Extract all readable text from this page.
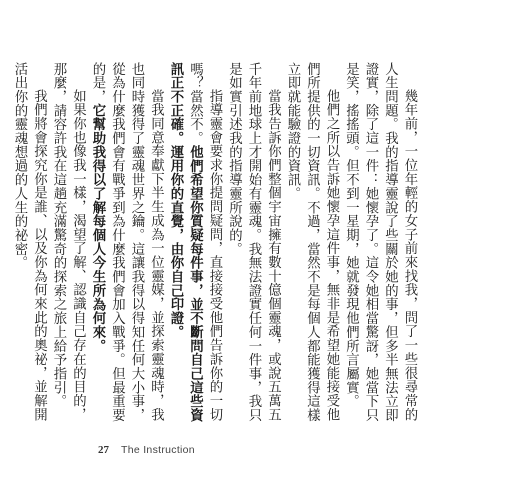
幾年前，一位年輕的女子前來找我，問了一些很尋常的人生問題。我的指導靈說了些關於她的事，但多半無法立即證實，除了這一件：她懷孕了。這令她相當驚訝，她當下只是笑，搖搖頭。但不到一星期，她就發現他們所言屬實。

他們之所以告訴她懷孕這件事，無非是希望她能接受他們所提供的一切資訊。不過，當然不是每個人都能獲得這樣立即就能驗證的資訊。

當我告訴你們整個宇宙擁有數十億個靈魂，或說五萬五千年前地球上才開始有靈魂。我無法證實任何一件事，我只是如實引述我的指導靈所說的。

指導靈會要求你提問疑問，直接接受他們告訴你的一切嗎？當然不。他們希望你質疑每件事，並不斷問自己這些資訊正不正確。運用你的直覺，由你自己印證。

當我同意奉獻下半生成為一位靈媒，並探索靈魂時，我也同時獲得了靈魂世界之鑰。這讓我得以得知任何大小事，從為什麼我們會有戰爭到為什麼我們會加入戰爭。但最重要的是，它幫助我得以了解每個人今生所為何來。

如果你也像我一樣，渴望了解、認識自己存在的目的，那麼，請容許我在這趟充滿驚奇的探索之旅上給予指引。

我們將會探究你是誰、以及你為何來此的奧祕，並解開活出你的靈魂想過的人生的祕密。

27 The Instruction
